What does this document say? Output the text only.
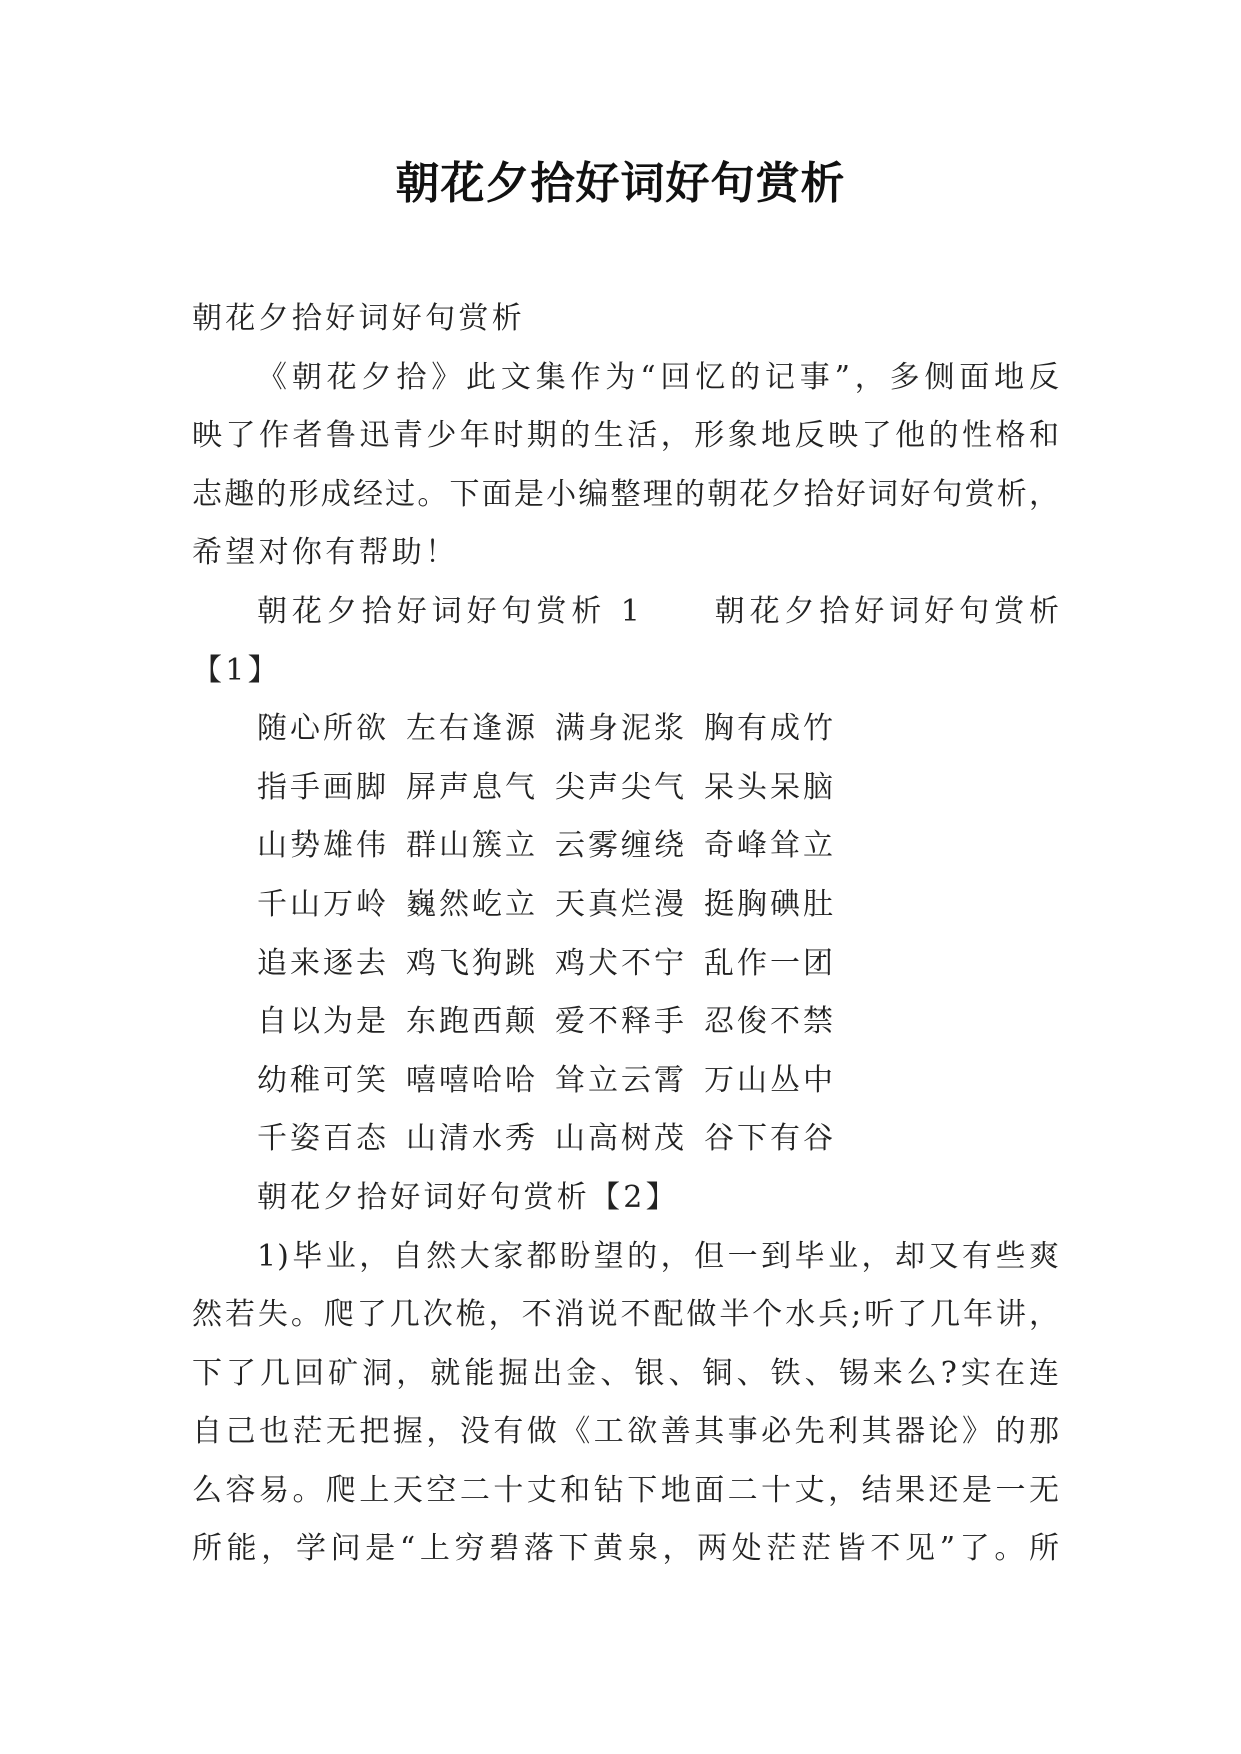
朝花夕拾好词好句赏析
朝花夕拾好词好句赏析
《朝花夕拾》此文集作为“回忆的记事”，多侧面地反
映了作者鲁迅青少年时期的生活，形象地反映了他的性格和
志趣的形成经过。下面是小编整理的朝花夕拾好词好句赏析，
希望对你有帮助！
朝花夕拾好词好句赏析 1　　朝花夕拾好词好句赏析
【1】
随心所欲 左右逢源 满身泥浆 胸有成竹
指手画脚 屏声息气 尖声尖气 呆头呆脑
山势雄伟 群山簇立 云雾缠绕 奇峰耸立
千山万岭 巍然屹立 天真烂漫 挺胸碘肚
追来逐去 鸡飞狗跳 鸡犬不宁 乱作一团
自以为是 东跑西颠 爱不释手 忍俊不禁
幼稚可笑 嘻嘻哈哈 耸立云霄 万山丛中
千姿百态 山清水秀 山高树茂 谷下有谷
朝花夕拾好词好句赏析【2】
1)毕业，自然大家都盼望的，但一到毕业，却又有些爽
然若失。爬了几次桅，不消说不配做半个水兵;听了几年讲，
下了几回矿洞，就能掘出金、银、铜、铁、锡来么?实在连
自己也茫无把握，没有做《工欲善其事必先利其器论》的那
么容易。爬上天空二十丈和钻下地面二十丈，结果还是一无
所能，学问是“上穷碧落下黄泉，两处茫茫皆不见”了。所
